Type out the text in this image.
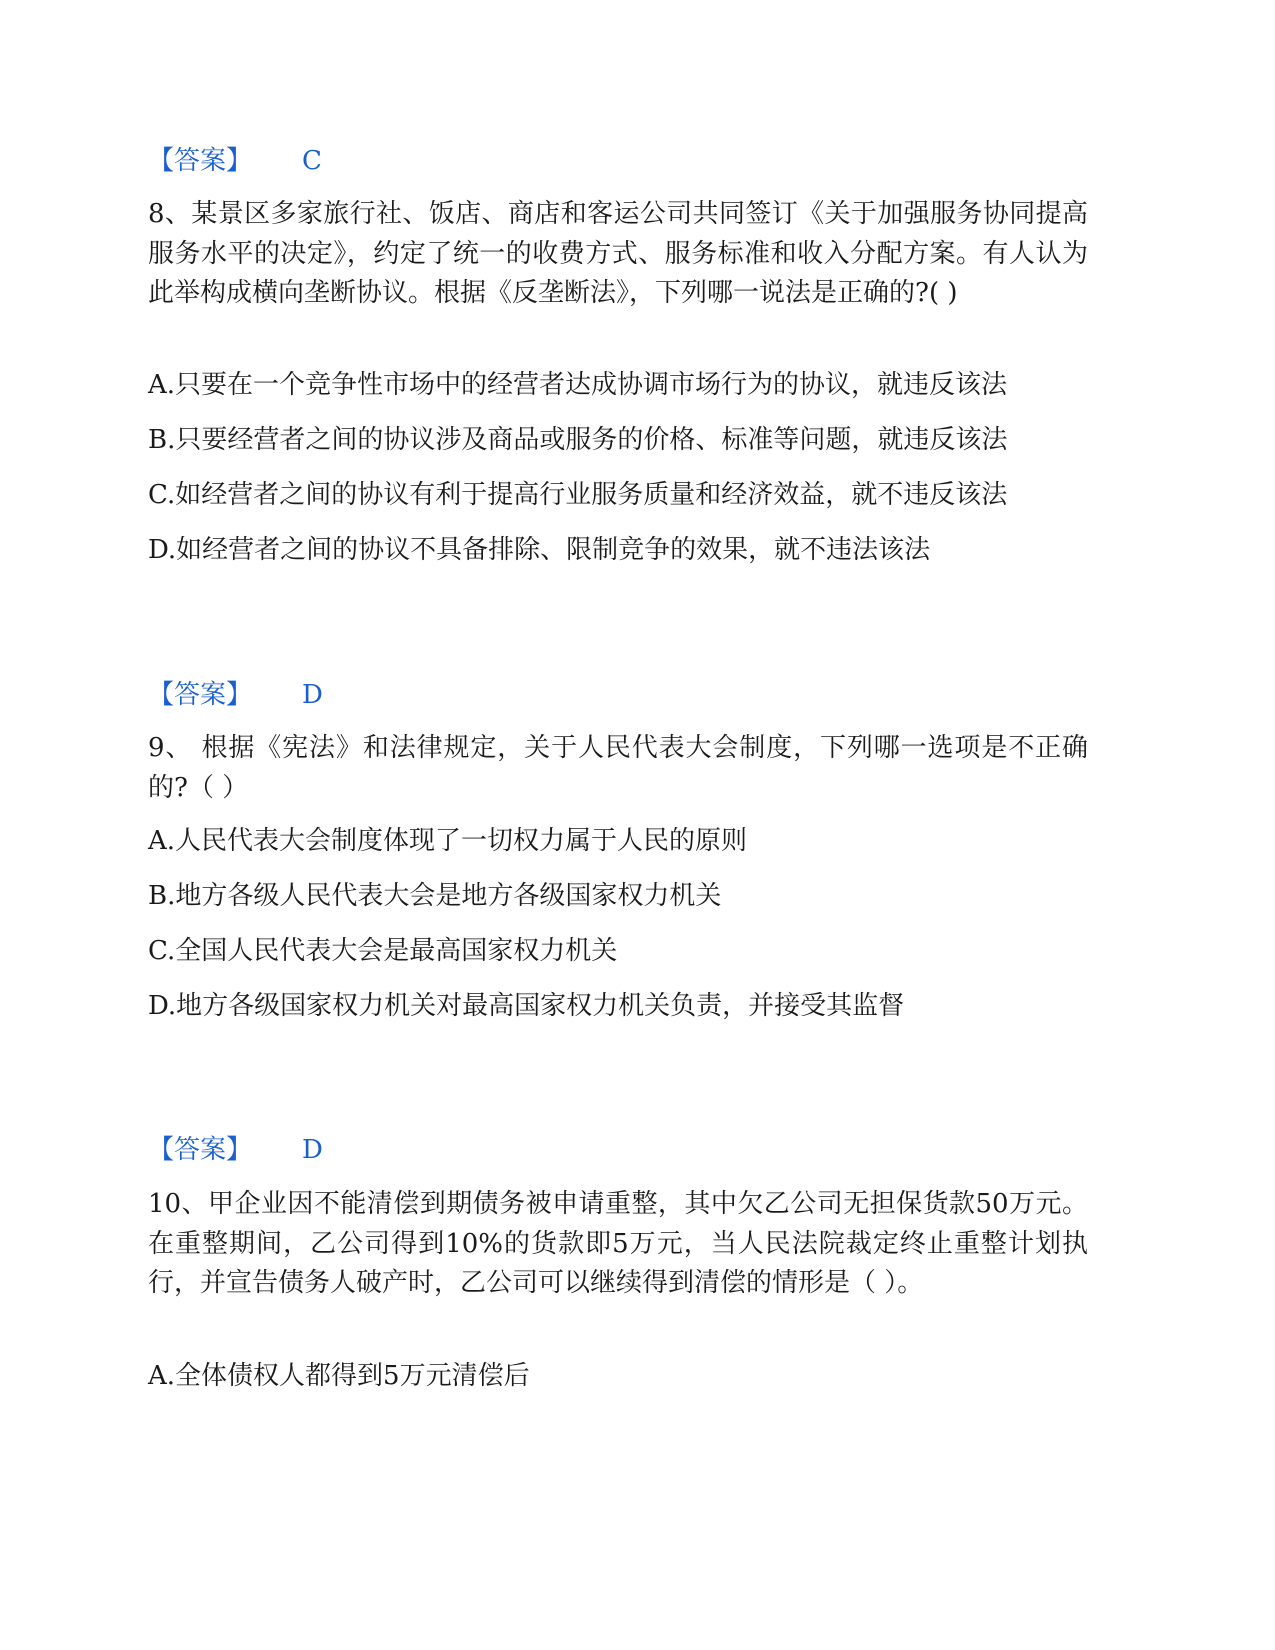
【答案】 C
8、某景区多家旅行社、饭店、商店和客运公司共同签订《关于加强服务协同提高服务水平的决定》，约定了统一的收费方式、服务标准和收入分配方案。有人认为此举构成横向垄断协议。根据《反垄断法》，下列哪一说法是正确的?( )
A.只要在一个竞争性市场中的经营者达成协调市场行为的协议，就违反该法
B.只要经营者之间的协议涉及商品或服务的价格、标准等问题，就违反该法
C.如经营者之间的协议有利于提高行业服务质量和经济效益，就不违反该法
D.如经营者之间的协议不具备排除、限制竞争的效果，就不违法该法
【答案】 D
9、 根据《宪法》和法律规定，关于人民代表大会制度，下列哪一选项是不正确的?（ ）
A.人民代表大会制度体现了一切权力属于人民的原则
B.地方各级人民代表大会是地方各级国家权力机关
C.全国人民代表大会是最高国家权力机关
D.地方各级国家权力机关对最高国家权力机关负责，并接受其监督
【答案】 D
10、甲企业因不能清偿到期债务被申请重整，其中欠乙公司无担保货款50万元。在重整期间，乙公司得到10%的货款即5万元，当人民法院裁定终止重整计划执行，并宣告债务人破产时，乙公司可以继续得到清偿的情形是（ ）。
A.全体债权人都得到5万元清偿后
